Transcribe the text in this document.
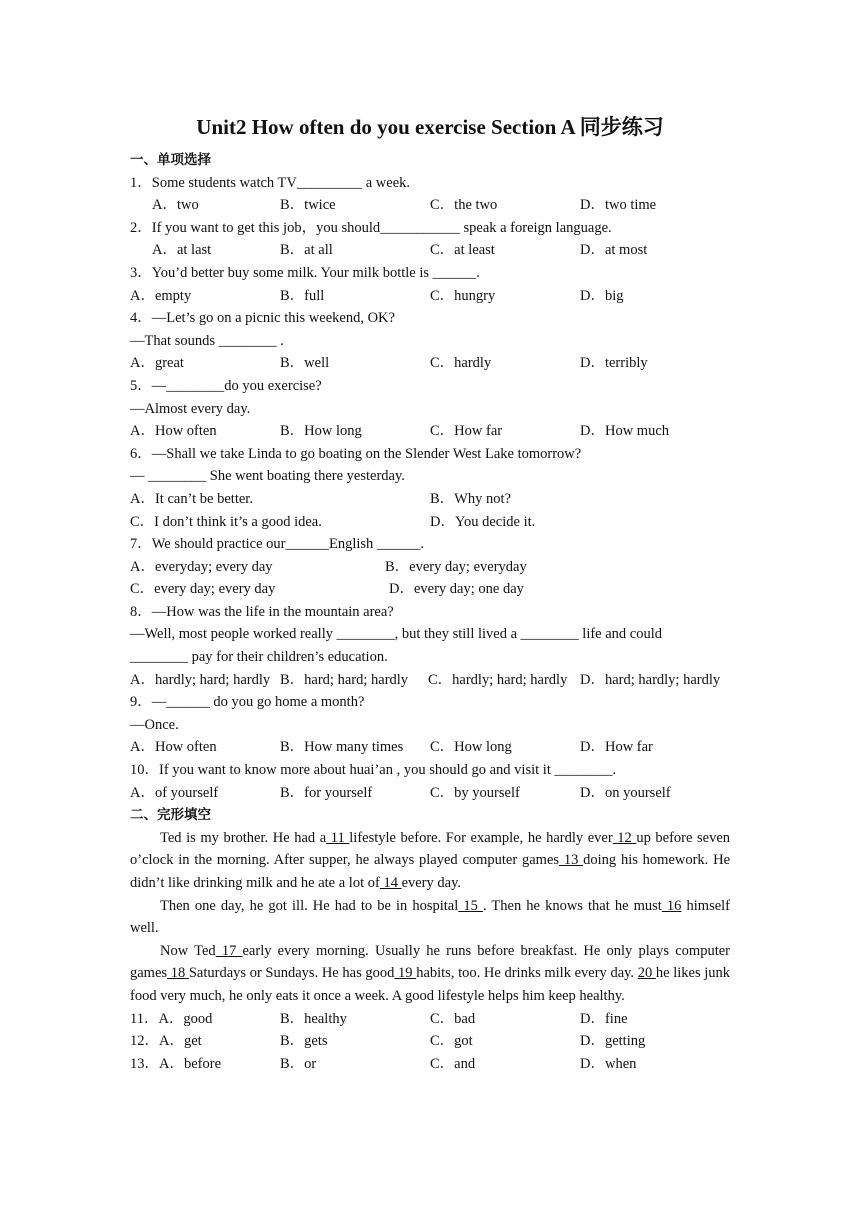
Unit2 How often do you exercise Section A 同步练习
一、单项选择
1．Some students watch TV_________ a week.
A．two	B．twice	C．the two	D．two time
2．If you want to get this job，you should___________ speak a foreign language.
A．at last	B．at all	C．at least	D．at most
3．You’d better buy some milk. Your milk bottle is ______.
A．empty	B．full	C．hungry	D．big
4．—Let’s go on a picnic this weekend, OK?
—That sounds ________ .
A．great	B．well	C．hardly	D．terribly
5．—________do you exercise?
—Almost every day.
A．How often	B．How long	C．How far	D．How much
6．—Shall we take Linda to go boating on the Slender West Lake tomorrow?
— ________ She went boating there yesterday.
A．It can’t be better.	B．Why not?
C．I don’t think it’s a good idea.	D．You decide it.
7．We should practice our______English ______.
A．everyday; every day	B．every day; everyday
C．every day; every day	D．every day; one day
8．—How was the life in the mountain area?
—Well, most people worked really ________, but they still lived a ________ life and could
________ pay for their children’s education.
A．hardly; hard; hardly B．hard; hard; hardly C．hardly; hard; hardly D．hard; hardly; hardly
9．—______ do you go home a month?
—Once.
A．How often	B．How many times C．How long	D．How far
10．If you want to know more about huai’an , you should go and visit it ________.
A．of yourself	B．for yourself	C．by yourself	D．on yourself
二、完形填空
Ted is my brother. He had a 11 lifestyle before. For example, he hardly ever 12 up before seven o’clock in the morning. After supper, he always played computer games 13 doing his homework. He didn’t like drinking milk and he ate a lot of 14 every day.
Then one day, he got ill. He had to be in hospital 15 . Then he knows that he must 16 himself well.
Now Ted 17 early every morning. Usually he runs before breakfast. He only plays computer games 18 Saturdays or Sundays. He has good 19 habits, too. He drinks milk every day. 20 he likes junk food very much, he only eats it once a week. A good lifestyle helps him keep healthy.
11．A．good	B．healthy	C．bad	D．fine
12．A．get	B．gets	C．got	D．getting
13．A．before	B．or	C．and	D．when
